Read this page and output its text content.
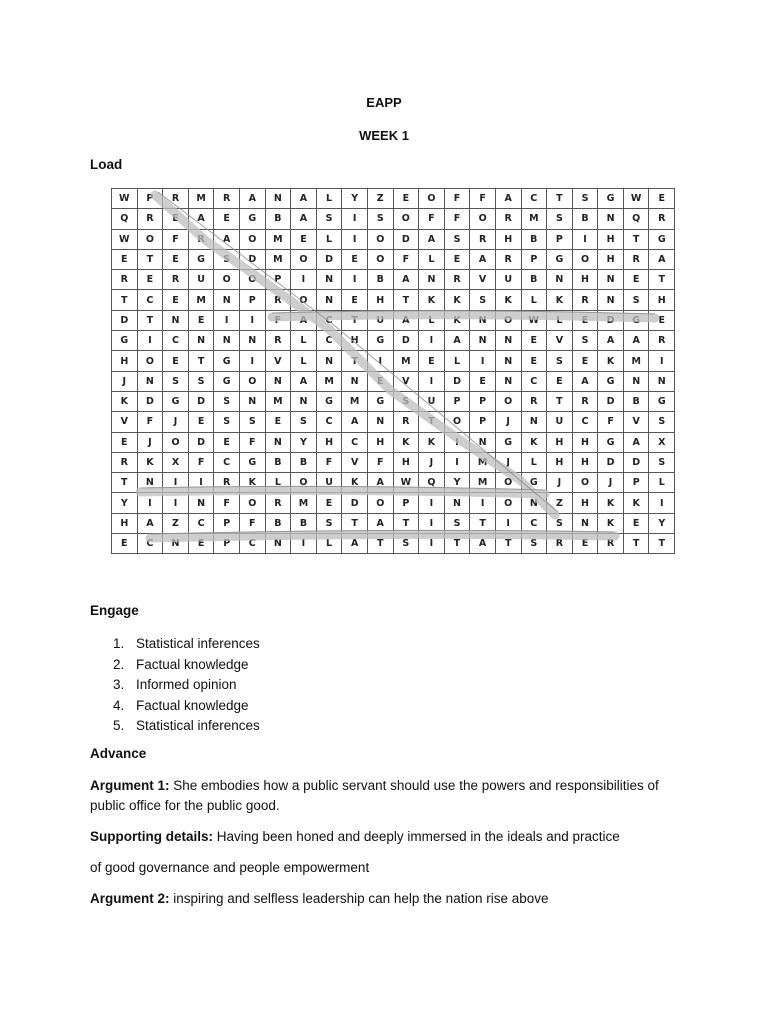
EAPP
WEEK 1
Load
W	P	R	M	R	A	N	A	L	Y	Z	E	O	F	F	A	C	T	S	G	W	E
Q	R	E	A	E	G	B	A	S	I	S	O	F	F	O	R	M	S	B	N	Q	R
W	O	F	R	A	O	M	E	L	I	O	D	A	S	R	H	B	P	I	H	T	G
E	T	E	G	S	D	M	O	D	E	O	F	L	E	A	R	P	G	O	H	R	A
R	E	R	U	O	O	P	I	N	I	B	A	N	R	V	U	B	N	H	N	E	T
T	C	E	M	N	P	R	O	N	E	H	T	K	K	S	K	L	K	R	N	S	H
D	T	N	E	I	I	F	A	C	T	U	A	L	K	N	O	W	L	E	D	G	E
G	I	C	N	N	N	R	L	C	H	G	D	I	A	N	N	E	V	S	A	A	R
H	O	E	T	G	I	V	L	N	T	I	M	E	L	I	N	E	S	E	K	M	I
J	N	S	S	G	O	N	A	M	N	E	V	I	D	E	N	C	E	A	G	N	N
K	D	G	D	S	N	M	N	G	M	G	S	U	P	P	O	R	T	R	D	B	G
V	F	J	E	S	S	E	S	C	A	N	R	T	O	P	J	N	U	C	F	V	S
E	J	O	D	E	F	N	Y	H	C	H	K	K	I	N	G	K	H	H	G	A	X
R	K	X	F	C	G	B	B	F	V	F	H	J	I	M	J	L	H	H	D	D	S
T	N	I	I	R	K	L	O	U	K	A	W	Q	Y	M	O	G	J	O	J	P	L
Y	I	I	N	F	O	R	M	E	D	O	P	I	N	I	O	N	Z	H	K	K	I
H	A	Z	C	P	F	B	B	S	T	A	T	I	S	T	I	C	S	N	K	E	Y
E	C	N	E	P	C	N	I	L	A	T	S	I	T	A	T	S	R	E	R	T	T
Engage
1. Statistical inferences
2. Factual knowledge
3. Informed opinion
4. Factual knowledge
5. Statistical inferences
Advance
Argument 1: She embodies how a public servant should use the powers and responsibilities of public office for the public good.
Supporting details: Having been honed and deeply immersed in the ideals and practice
of good governance and people empowerment
Argument 2: inspiring and selfless leadership can help the nation rise above
